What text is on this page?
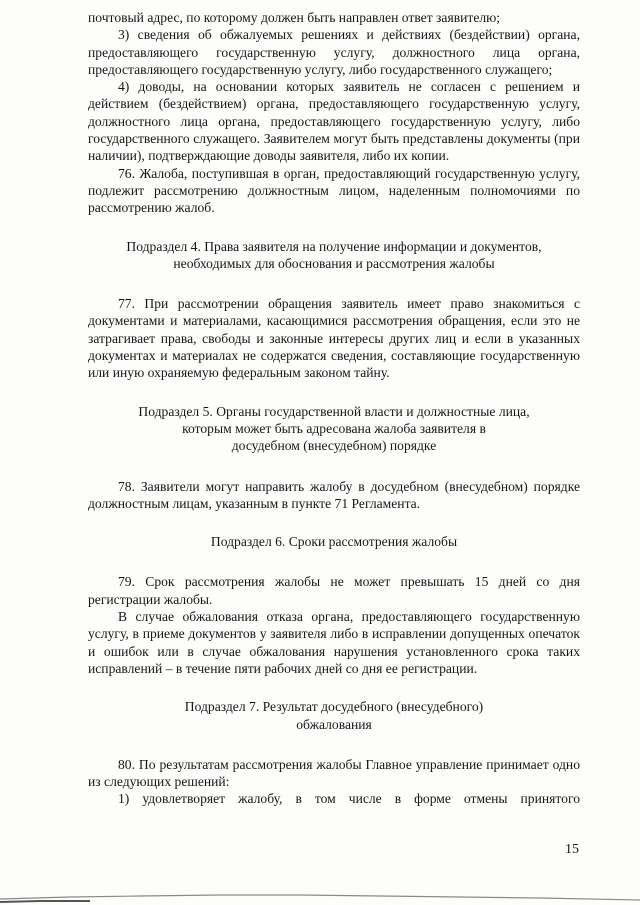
почтовый адрес, по которому должен быть направлен ответ заявителю;

3) сведения об обжалуемых решениях и действиях (бездействии) органа, предоставляющего государственную услугу, должностного лица органа, предоставляющего государственную услугу, либо государственного служащего;

4) доводы, на основании которых заявитель не согласен с решением и действием (бездействием) органа, предоставляющего государственную услугу, должностного лица органа, предоставляющего государственную услугу, либо государственного служащего. Заявителем могут быть представлены документы (при наличии), подтверждающие доводы заявителя, либо их копии.

76. Жалоба, поступившая в орган, предоставляющий государственную услугу, подлежит рассмотрению должностным лицом, наделенным полномочиями по рассмотрению жалоб.

Подраздел 4. Права заявителя на получение информации и документов,
необходимых для обоснования и рассмотрения жалобы

77. При рассмотрении обращения заявитель имеет право знакомиться с документами и материалами, касающимися рассмотрения обращения, если это не затрагивает права, свободы и законные интересы других лиц и если в указанных документах и материалах не содержатся сведения, составляющие государственную или иную охраняемую федеральным законом тайну.

Подраздел 5. Органы государственной власти и должностные лица,
которым может быть адресована жалоба заявителя в
досудебном (внесудебном) порядке

78. Заявители могут направить жалобу в досудебном (внесудебном) порядке должностным лицам, указанным в пункте 71 Регламента.

Подраздел 6. Сроки рассмотрения жалобы

79. Срок рассмотрения жалобы не может превышать 15 дней со дня регистрации жалобы.

В случае обжалования отказа органа, предоставляющего государственную услугу, в приеме документов у заявителя либо в исправлении допущенных опечаток и ошибок или в случае обжалования нарушения установленного срока таких исправлений – в течение пяти рабочих дней со дня ее регистрации.

Подраздел 7. Результат досудебного (внесудебного)
обжалования

80. По результатам рассмотрения жалобы Главное управление принимает одно из следующих решений:

1) удовлетворяет жалобу, в том числе в форме отмены принятого

15
